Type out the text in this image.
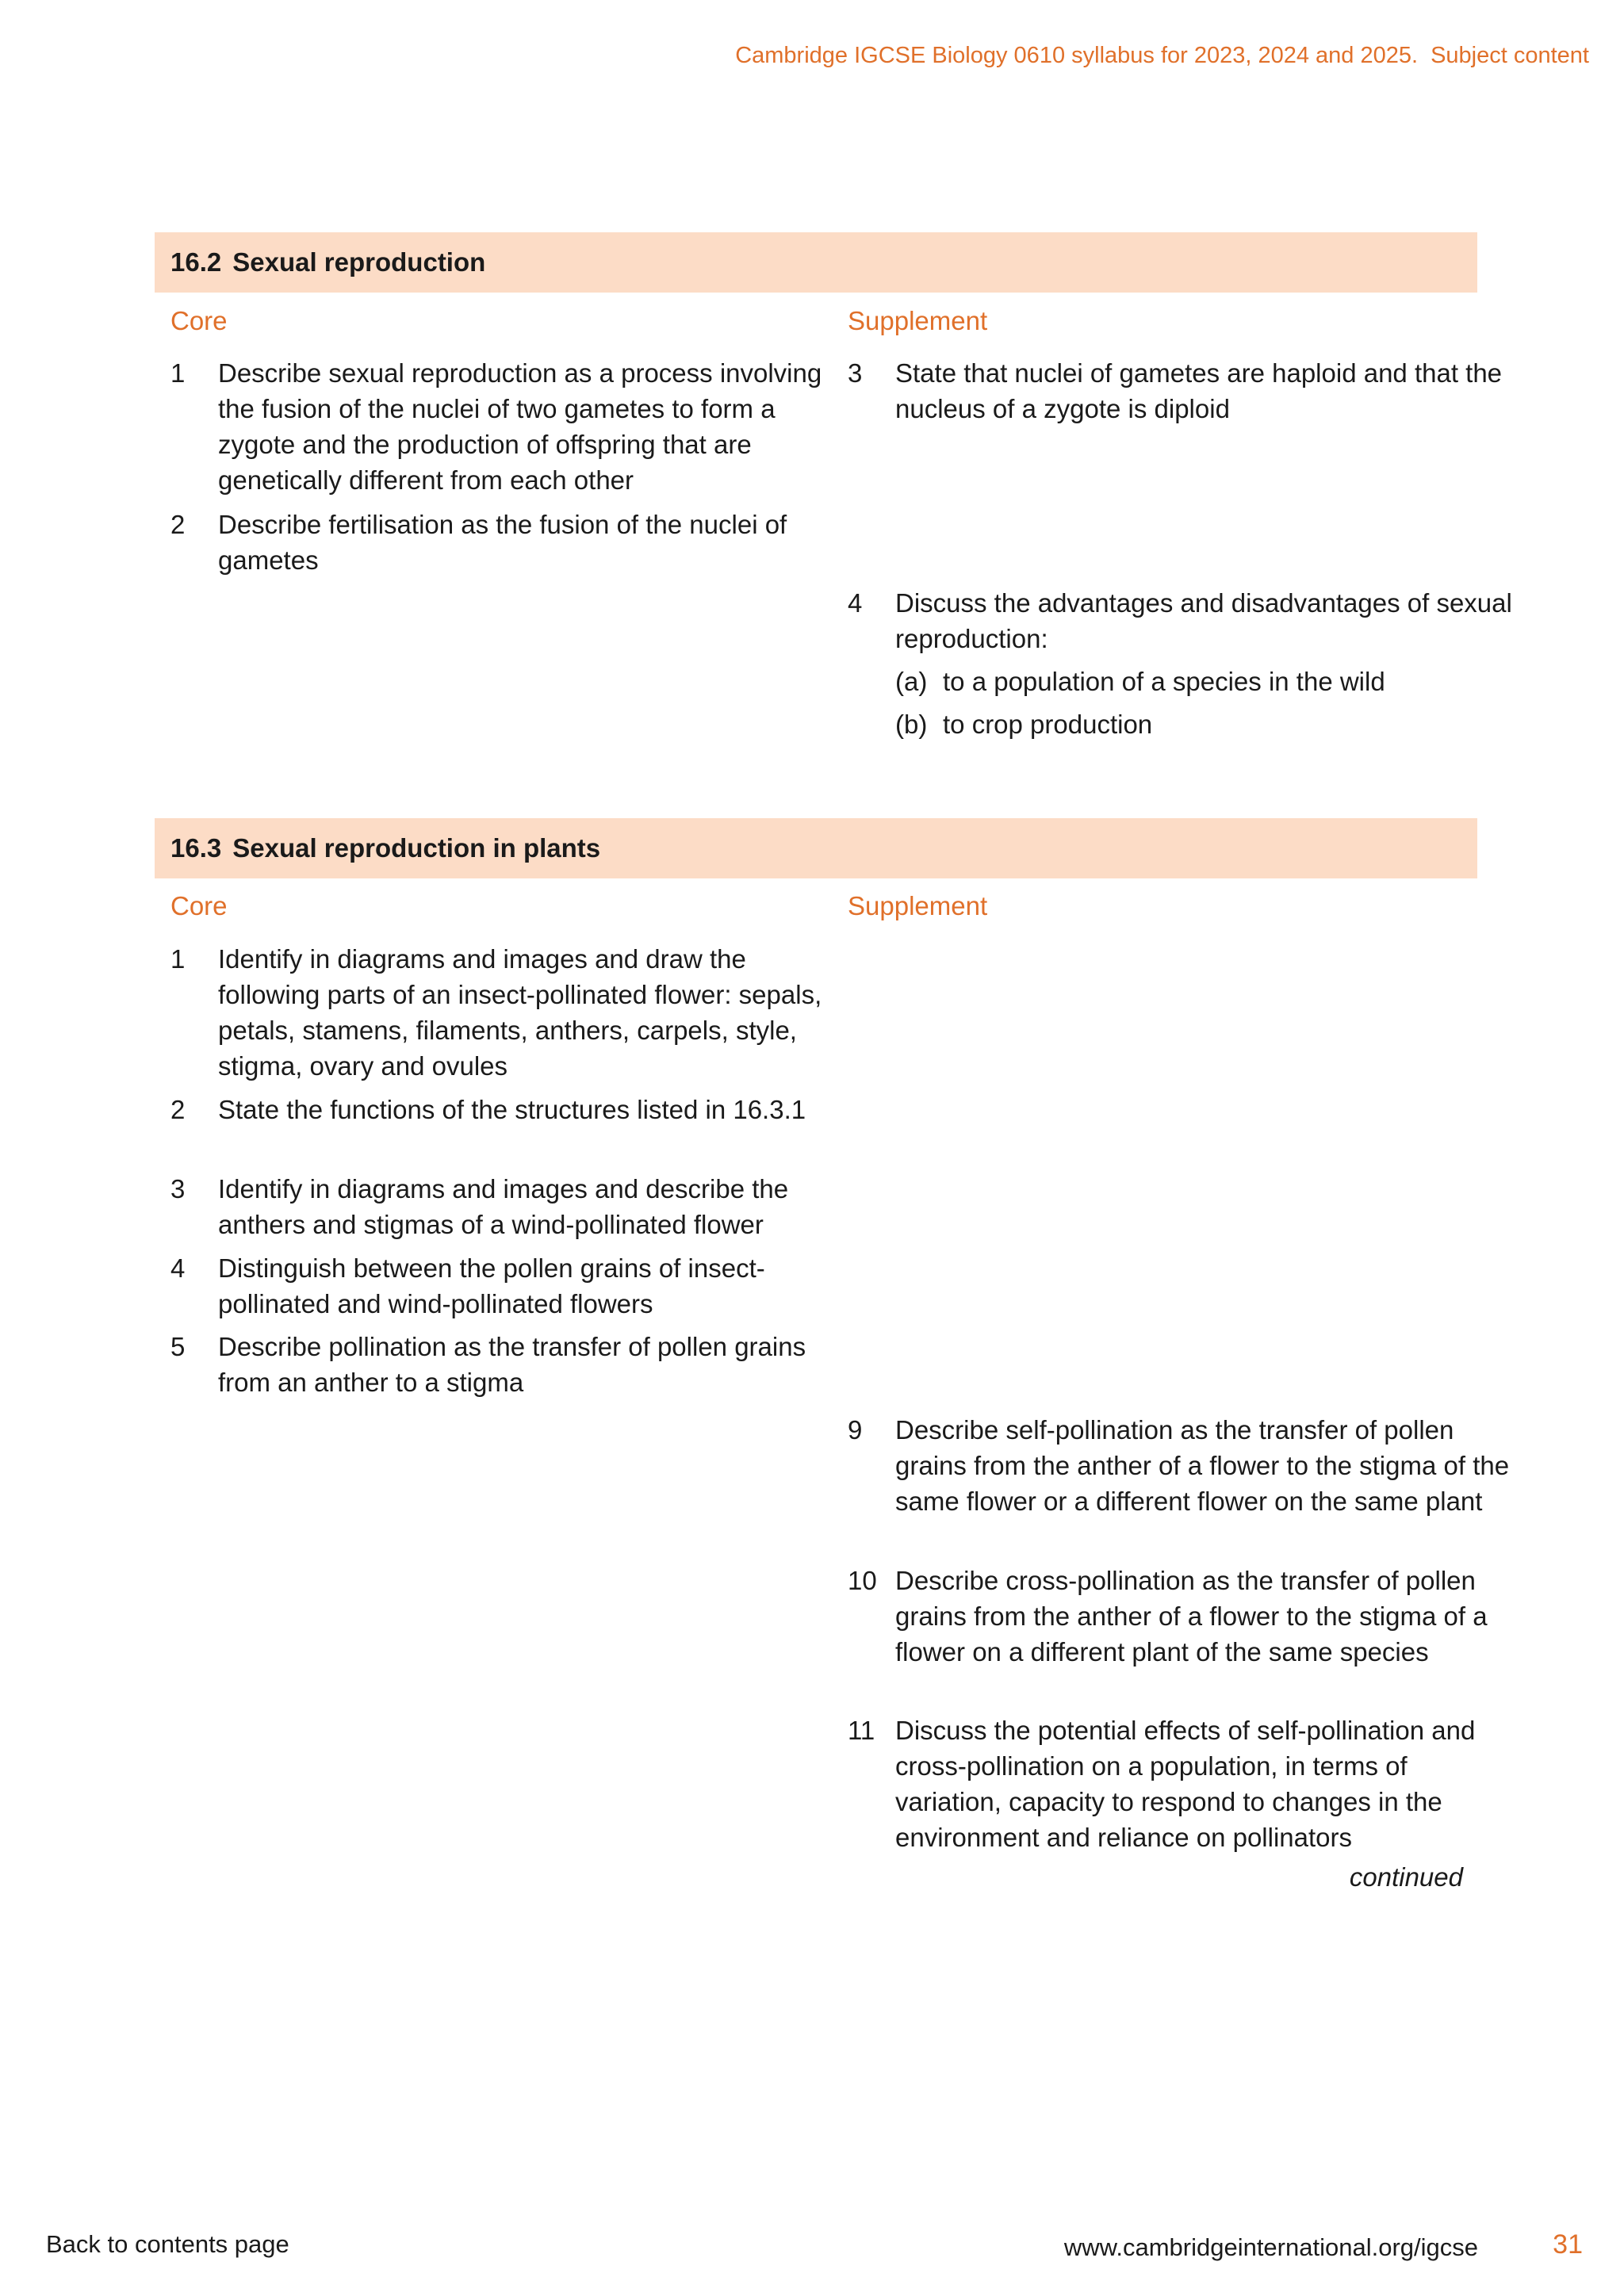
Cambridge IGCSE Biology 0610 syllabus for 2023, 2024 and 2025. Subject content
16.2 Sexual reproduction
Core	Supplement
1 Describe sexual reproduction as a process involving the fusion of the nuclei of two gametes to form a zygote and the production of offspring that are genetically different from each other
2 Describe fertilisation as the fusion of the nuclei of gametes
3 State that nuclei of gametes are haploid and that the nucleus of a zygote is diploid
4 Discuss the advantages and disadvantages of sexual reproduction:
(a) to a population of a species in the wild
(b) to crop production
16.3 Sexual reproduction in plants
Core	Supplement
1 Identify in diagrams and images and draw the following parts of an insect-pollinated flower: sepals, petals, stamens, filaments, anthers, carpels, style, stigma, ovary and ovules
2 State the functions of the structures listed in 16.3.1
3 Identify in diagrams and images and describe the anthers and stigmas of a wind-pollinated flower
4 Distinguish between the pollen grains of insect-pollinated and wind-pollinated flowers
5 Describe pollination as the transfer of pollen grains from an anther to a stigma
9 Describe self-pollination as the transfer of pollen grains from the anther of a flower to the stigma of the same flower or a different flower on the same plant
10 Describe cross-pollination as the transfer of pollen grains from the anther of a flower to the stigma of a flower on a different plant of the same species
11 Discuss the potential effects of self-pollination and cross-pollination on a population, in terms of variation, capacity to respond to changes in the environment and reliance on pollinators
continued
Back to contents page	www.cambridgeinternational.org/igcse	31
